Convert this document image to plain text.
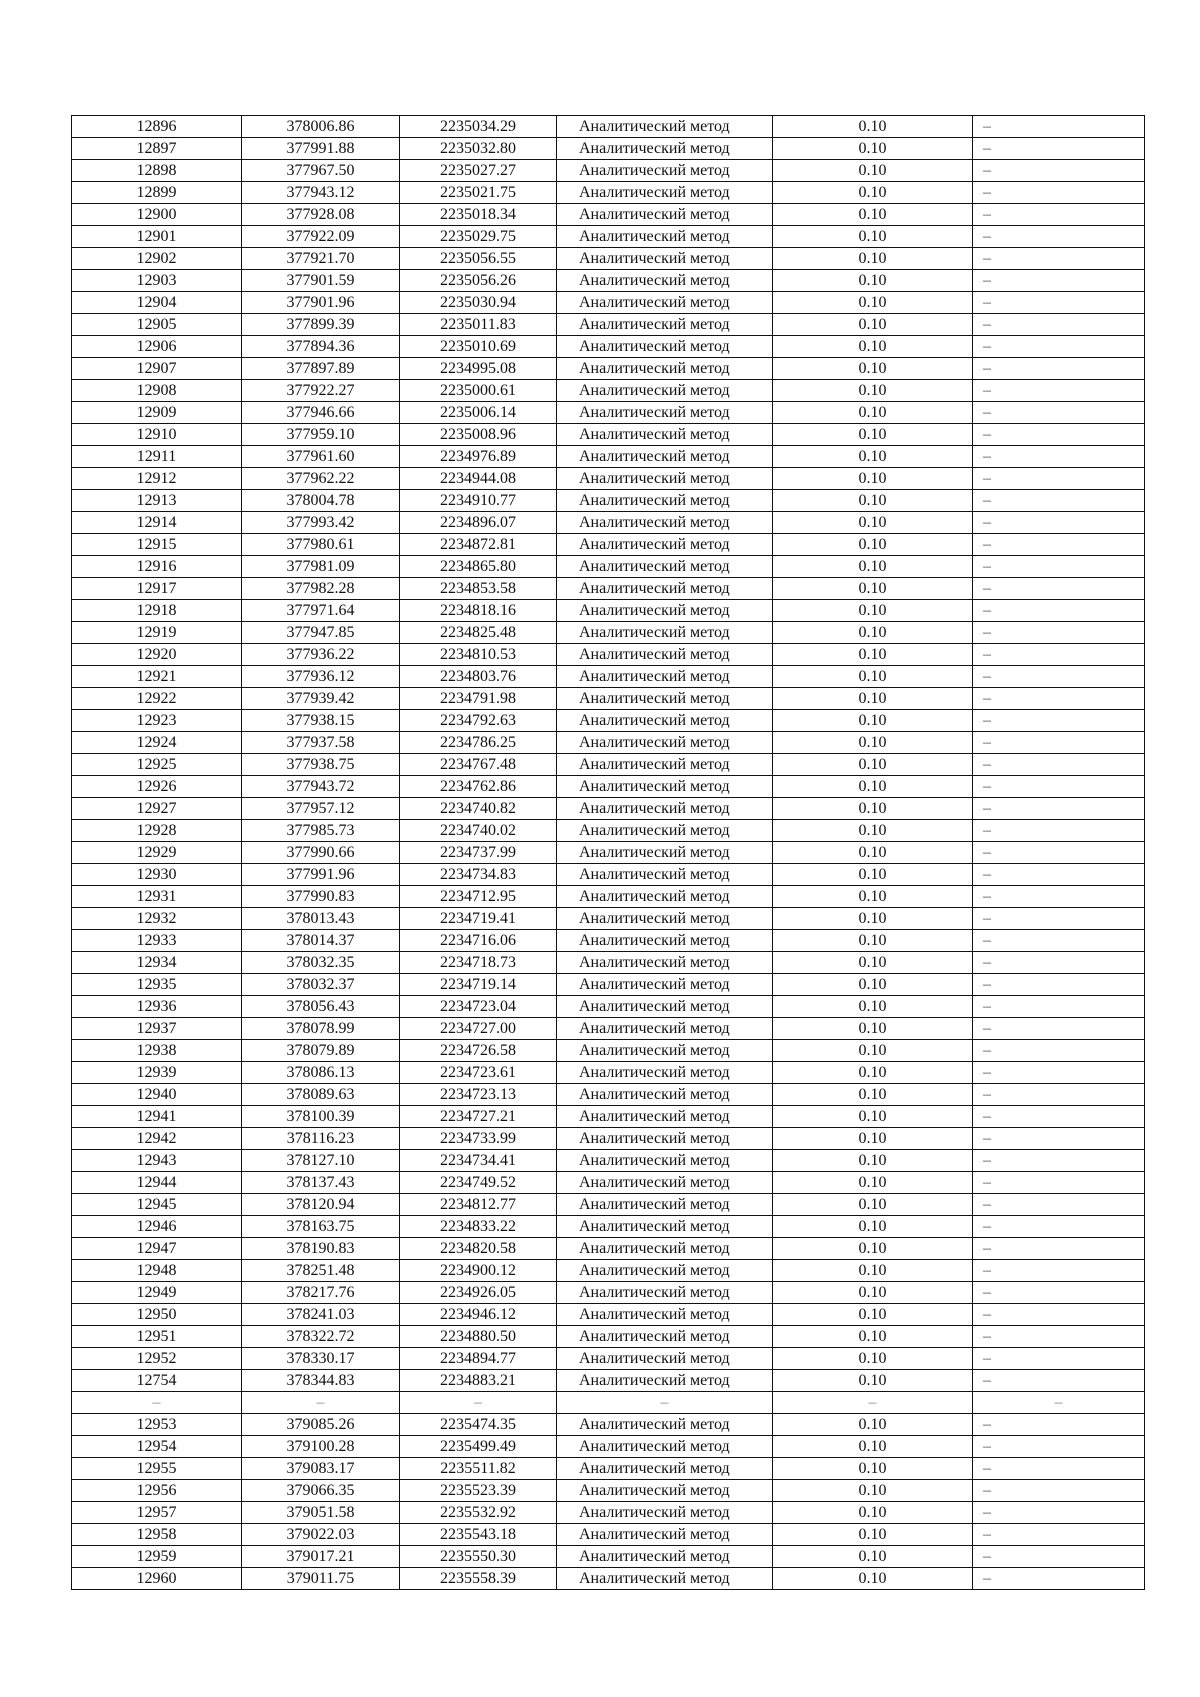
12896	378006.86	2235034.29	Аналитический метод	0.10	–
12897	377991.88	2235032.80	Аналитический метод	0.10	–
12898	377967.50	2235027.27	Аналитический метод	0.10	–
12899	377943.12	2235021.75	Аналитический метод	0.10	–
12900	377928.08	2235018.34	Аналитический метод	0.10	–
12901	377922.09	2235029.75	Аналитический метод	0.10	–
12902	377921.70	2235056.55	Аналитический метод	0.10	–
12903	377901.59	2235056.26	Аналитический метод	0.10	–
12904	377901.96	2235030.94	Аналитический метод	0.10	–
12905	377899.39	2235011.83	Аналитический метод	0.10	–
12906	377894.36	2235010.69	Аналитический метод	0.10	–
12907	377897.89	2234995.08	Аналитический метод	0.10	–
12908	377922.27	2235000.61	Аналитический метод	0.10	–
12909	377946.66	2235006.14	Аналитический метод	0.10	–
12910	377959.10	2235008.96	Аналитический метод	0.10	–
12911	377961.60	2234976.89	Аналитический метод	0.10	–
12912	377962.22	2234944.08	Аналитический метод	0.10	–
12913	378004.78	2234910.77	Аналитический метод	0.10	–
12914	377993.42	2234896.07	Аналитический метод	0.10	–
12915	377980.61	2234872.81	Аналитический метод	0.10	–
12916	377981.09	2234865.80	Аналитический метод	0.10	–
12917	377982.28	2234853.58	Аналитический метод	0.10	–
12918	377971.64	2234818.16	Аналитический метод	0.10	–
12919	377947.85	2234825.48	Аналитический метод	0.10	–
12920	377936.22	2234810.53	Аналитический метод	0.10	–
12921	377936.12	2234803.76	Аналитический метод	0.10	–
12922	377939.42	2234791.98	Аналитический метод	0.10	–
12923	377938.15	2234792.63	Аналитический метод	0.10	–
12924	377937.58	2234786.25	Аналитический метод	0.10	–
12925	377938.75	2234767.48	Аналитический метод	0.10	–
12926	377943.72	2234762.86	Аналитический метод	0.10	–
12927	377957.12	2234740.82	Аналитический метод	0.10	–
12928	377985.73	2234740.02	Аналитический метод	0.10	–
12929	377990.66	2234737.99	Аналитический метод	0.10	–
12930	377991.96	2234734.83	Аналитический метод	0.10	–
12931	377990.83	2234712.95	Аналитический метод	0.10	–
12932	378013.43	2234719.41	Аналитический метод	0.10	–
12933	378014.37	2234716.06	Аналитический метод	0.10	–
12934	378032.35	2234718.73	Аналитический метод	0.10	–
12935	378032.37	2234719.14	Аналитический метод	0.10	–
12936	378056.43	2234723.04	Аналитический метод	0.10	–
12937	378078.99	2234727.00	Аналитический метод	0.10	–
12938	378079.89	2234726.58	Аналитический метод	0.10	–
12939	378086.13	2234723.61	Аналитический метод	0.10	–
12940	378089.63	2234723.13	Аналитический метод	0.10	–
12941	378100.39	2234727.21	Аналитический метод	0.10	–
12942	378116.23	2234733.99	Аналитический метод	0.10	–
12943	378127.10	2234734.41	Аналитический метод	0.10	–
12944	378137.43	2234749.52	Аналитический метод	0.10	–
12945	378120.94	2234812.77	Аналитический метод	0.10	–
12946	378163.75	2234833.22	Аналитический метод	0.10	–
12947	378190.83	2234820.58	Аналитический метод	0.10	–
12948	378251.48	2234900.12	Аналитический метод	0.10	–
12949	378217.76	2234926.05	Аналитический метод	0.10	–
12950	378241.03	2234946.12	Аналитический метод	0.10	–
12951	378322.72	2234880.50	Аналитический метод	0.10	–
12952	378330.17	2234894.77	Аналитический метод	0.10	–
12754	378344.83	2234883.21	Аналитический метод	0.10	–
–	–	–	–	–	–
12953	379085.26	2235474.35	Аналитический метод	0.10	–
12954	379100.28	2235499.49	Аналитический метод	0.10	–
12955	379083.17	2235511.82	Аналитический метод	0.10	–
12956	379066.35	2235523.39	Аналитический метод	0.10	–
12957	379051.58	2235532.92	Аналитический метод	0.10	–
12958	379022.03	2235543.18	Аналитический метод	0.10	–
12959	379017.21	2235550.30	Аналитический метод	0.10	–
12960	379011.75	2235558.39	Аналитический метод	0.10	–
